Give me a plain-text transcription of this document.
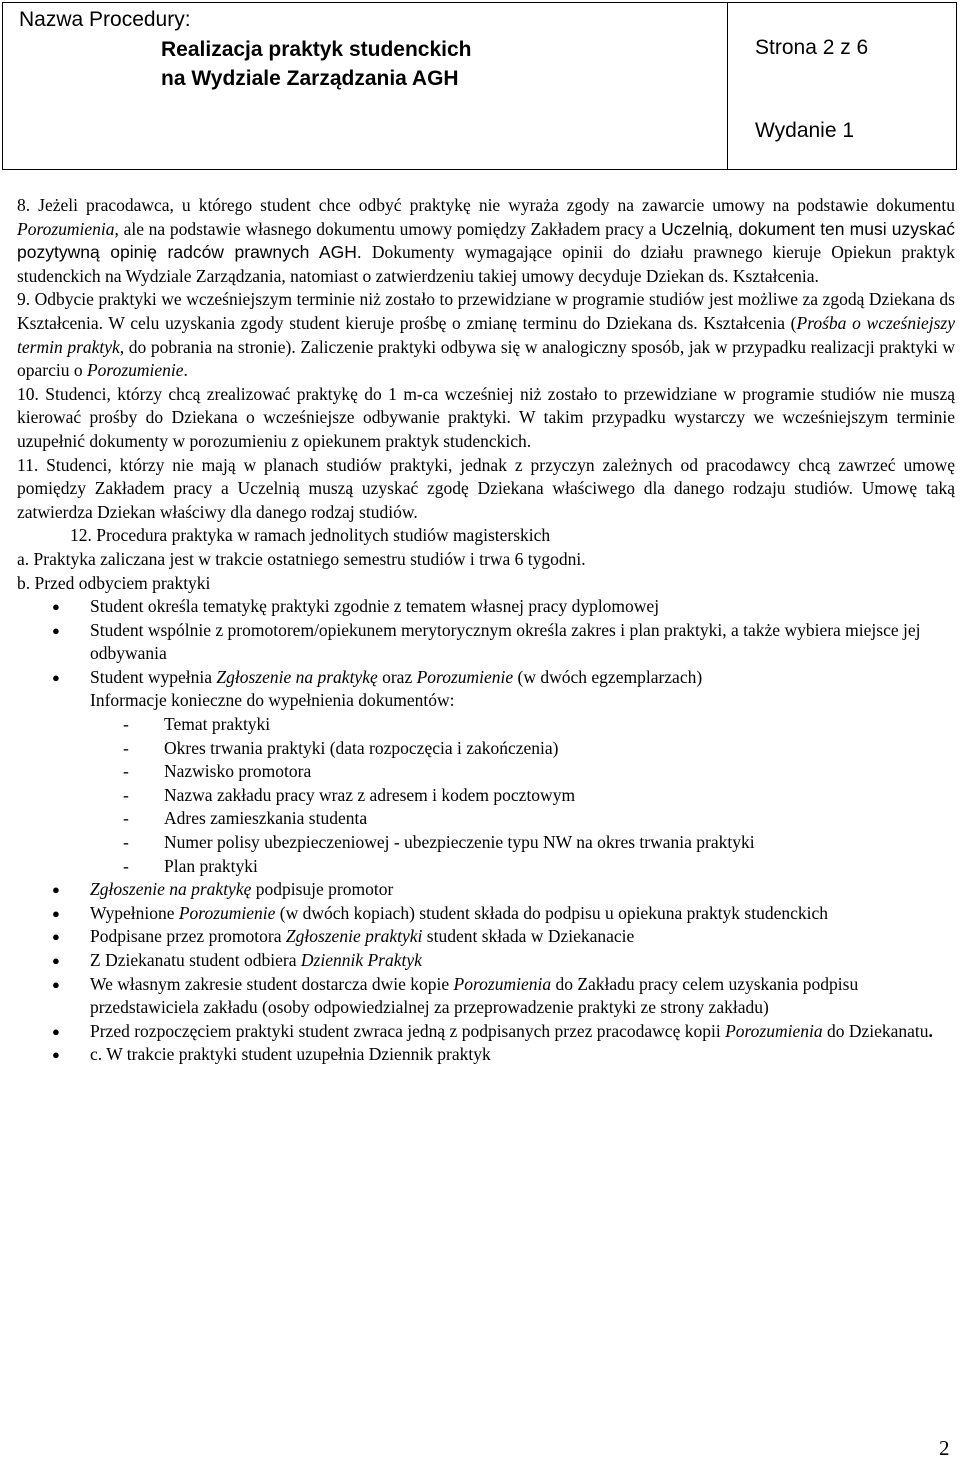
Nazwa Procedury:
Realizacja praktyk studenckich
na Wydziale Zarządzania AGH
Strona 2 z 6
Wydanie 1

8. Jeżeli pracodawca, u którego student chce odbyć praktykę nie wyraża zgody na zawarcie umowy na podstawie dokumentu Porozumienia, ale na podstawie własnego dokumentu umowy pomiędzy Zakładem pracy a Uczelnią, dokument ten musi uzyskać pozytywną opinię radców prawnych AGH. Dokumenty wymagające opinii do działu prawnego kieruje Opiekun praktyk studenckich na Wydziale Zarządzania, natomiast o zatwierdzeniu takiej umowy decyduje Dziekan ds. Kształcenia.

9. Odbycie praktyki we wcześniejszym terminie niż zostało to przewidziane w programie studiów jest możliwe za zgodą Dziekana ds Kształcenia. W celu uzyskania zgody student kieruje prośbę o zmianę terminu do Dziekana ds. Kształcenia (Prośba o wcześniejszy termin praktyk, do pobrania na stronie). Zaliczenie praktyki odbywa się w analogiczny sposób, jak w przypadku realizacji praktyki w oparciu o Porozumienie.

10. Studenci, którzy chcą zrealizować praktykę do 1 m-ca wcześniej niż zostało to przewidziane w programie studiów nie muszą kierować prośby do Dziekana o wcześniejsze odbywanie praktyki. W takim przypadku wystarczy we wcześniejszym terminie uzupełnić dokumenty w porozumieniu z opiekunem praktyk studenckich.

11. Studenci, którzy nie mają w planach studiów praktyki, jednak z przyczyn zależnych od pracodawcy chcą zawrzeć umowę pomiędzy Zakładem pracy a Uczelnią muszą uzyskać zgodę Dziekana właściwego dla danego rodzaju studiów. Umowę taką zatwierdza Dziekan właściwy dla danego rodzaj studiów.

12. Procedura praktyka w ramach jednolitych studiów magisterskich

a. Praktyka zaliczana jest w trakcie ostatniego semestru studiów i trwa 6 tygodni.

b. Przed odbyciem praktyki

● Student określa tematykę praktyki zgodnie z tematem własnej pracy dyplomowej
● Student wspólnie z promotorem/opiekunem merytorycznym określa zakres i plan praktyki, a także wybiera miejsce jej odbywania
● Student wypełnia Zgłoszenie na praktykę oraz Porozumienie (w dwóch egzemplarzach)
Informacje konieczne do wypełnienia dokumentów:
- Temat praktyki
- Okres trwania praktyki (data rozpoczęcia i zakończenia)
- Nazwisko promotora
- Nazwa zakładu pracy wraz z adresem i kodem pocztowym
- Adres zamieszkania studenta
- Numer polisy ubezpieczeniowej - ubezpieczenie typu NW na okres trwania praktyki
- Plan praktyki
● Zgłoszenie na praktykę podpisuje promotor
● Wypełnione Porozumienie (w dwóch kopiach) student składa do podpisu u opiekuna praktyk studenckich
● Podpisane przez promotora Zgłoszenie praktyki student składa w Dziekanacie
● Z Dziekanatu student odbiera Dziennik Praktyk
● We własnym zakresie student dostarcza dwie kopie Porozumienia do Zakładu pracy celem uzyskania podpisu przedstawiciela zakładu (osoby odpowiedzialnej za przeprowadzenie praktyki ze strony zakładu)
● Przed rozpoczęciem praktyki student zwraca jedną z podpisanych przez pracodawcę kopii Porozumienia do Dziekanatu.
● c. W trakcie praktyki student uzupełnia Dziennik praktyk
2
